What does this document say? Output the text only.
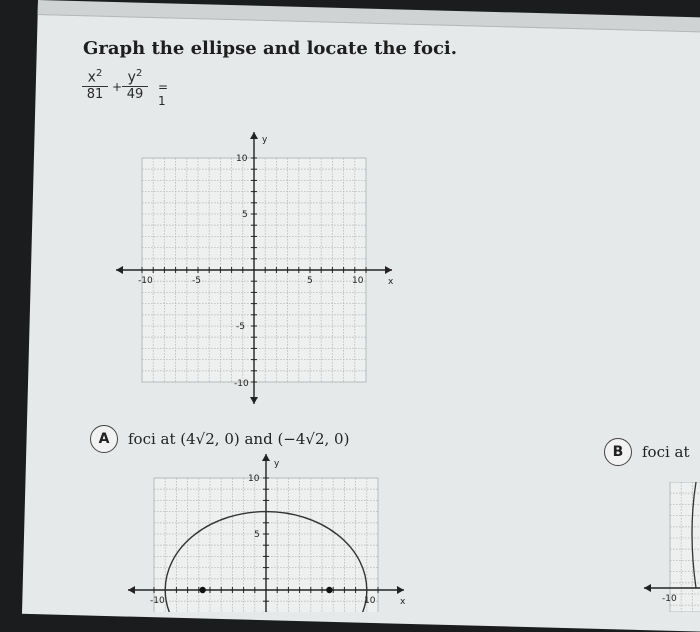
Graph the ellipse and locate the foci.
$\frac{x^2}{81} + \frac{y^2}{49} = 1$
x
y
-10	10
-5	5
10
5
-5
-10
A	foci at (4√2, 0) and (−4√2, 0)
B	foci at
y
x
-10	10
10
5
-10
